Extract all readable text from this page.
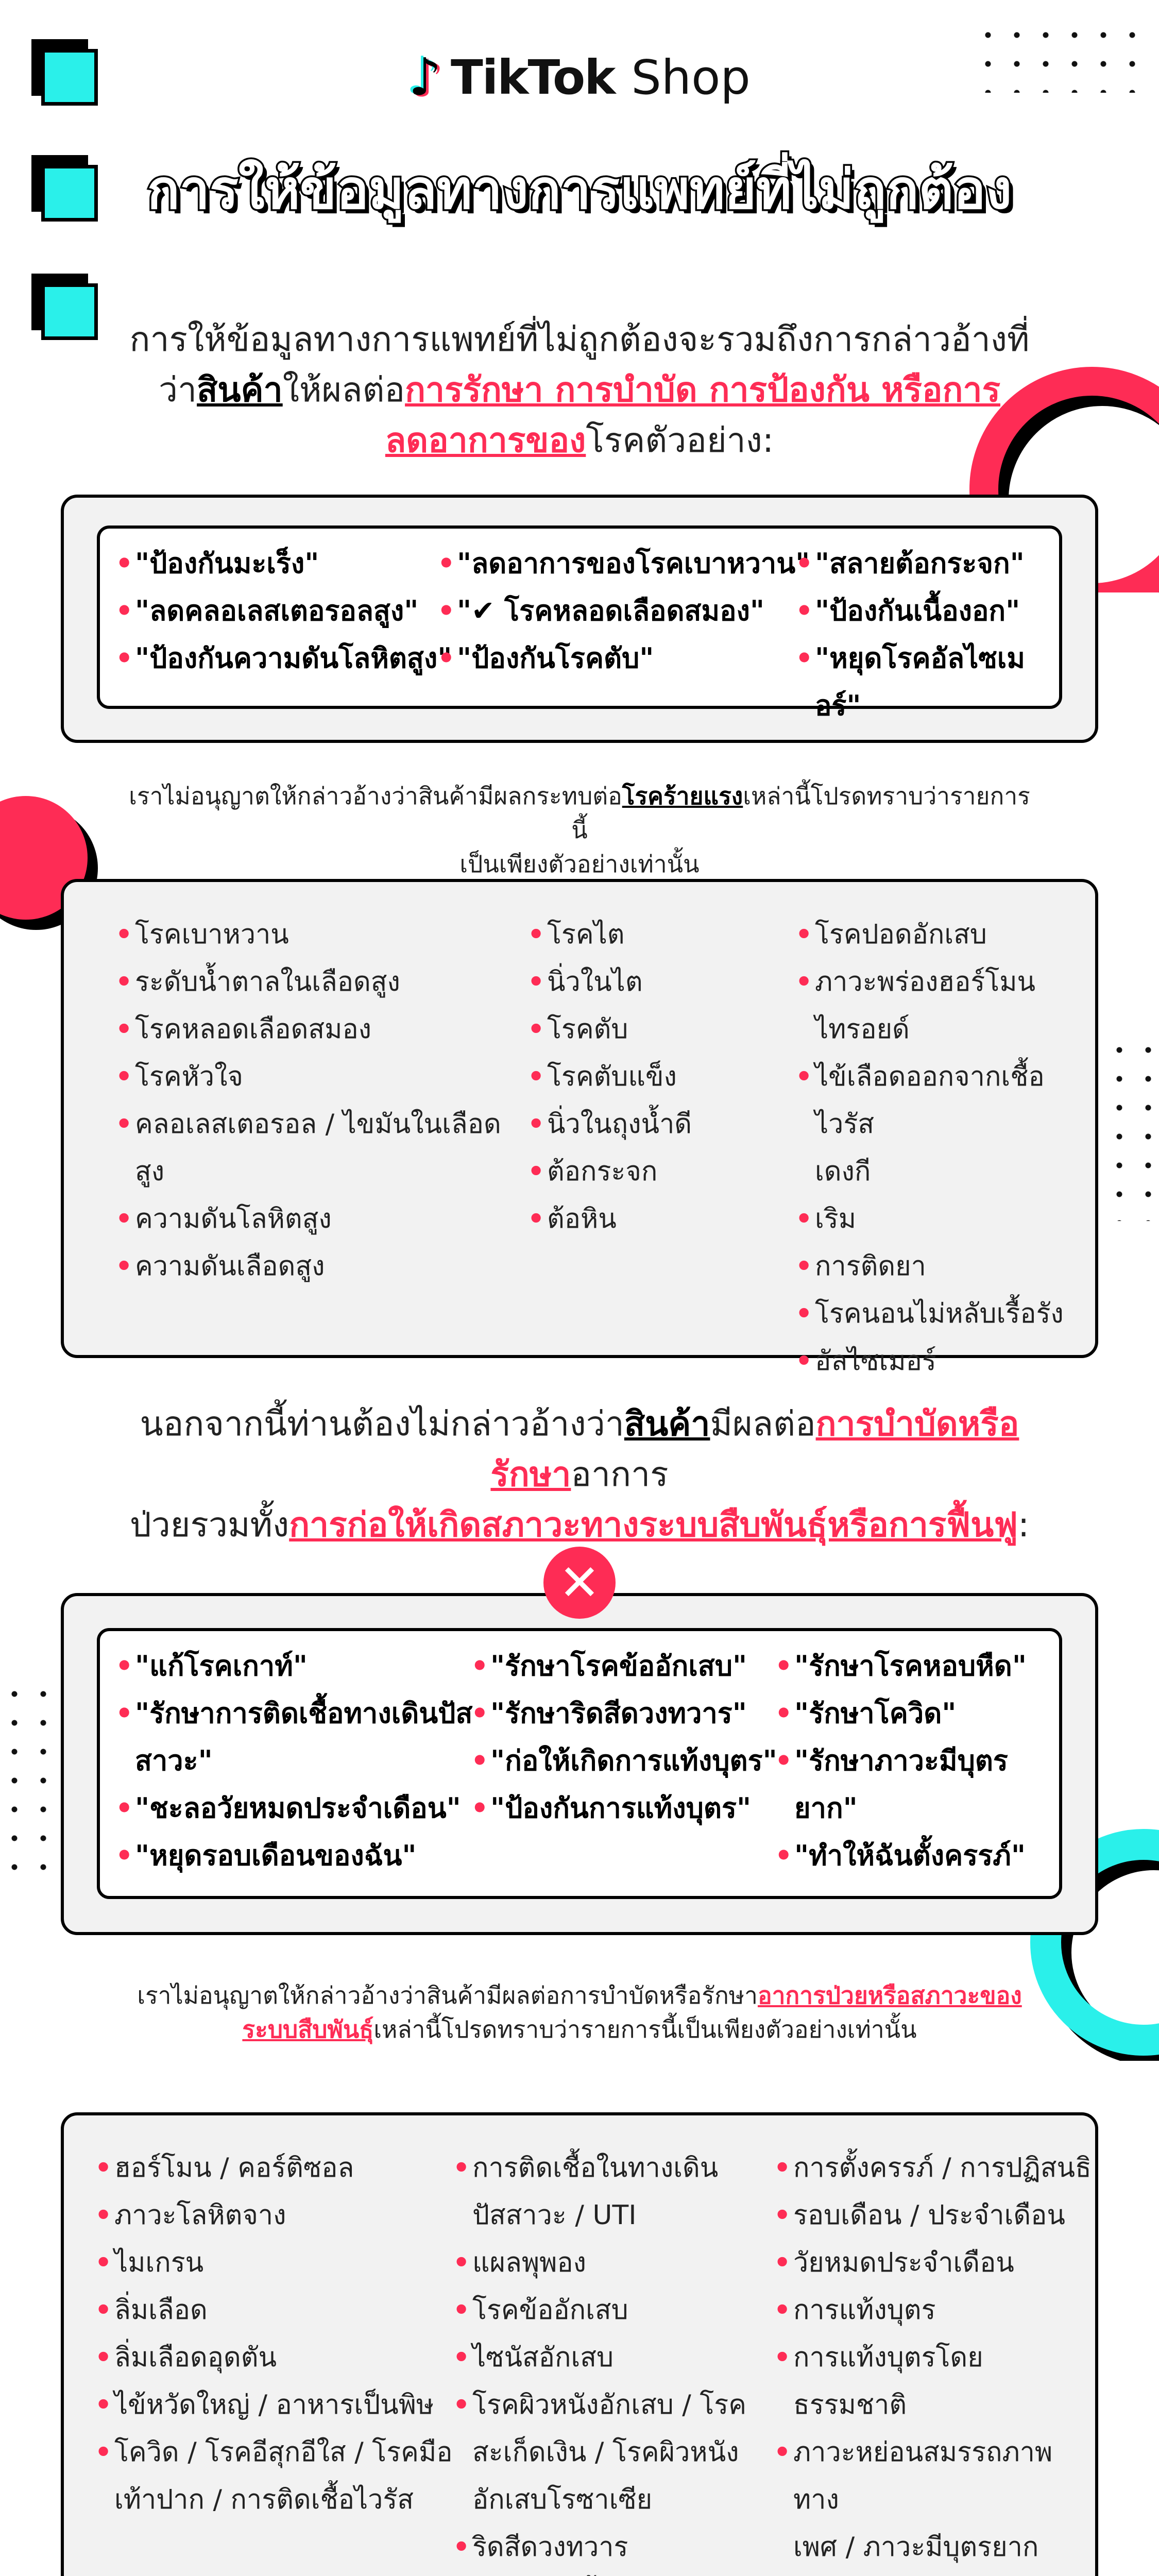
♪ TikTok Shop
การให้ข้อมูลทางการแพทย์ที่ไม่ถูกต้อง
การให้ข้อมูลทางการแพทย์ที่ไม่ถูกต้องจะรวมถึงการกล่าวอ้างที่
ว่าสินค้าให้ผลต่อการรักษา การบำบัด การป้องกัน หรือการ
ลดอาการของโรคตัวอย่าง:
• "ป้องกันมะเร็ง"
• "ลดคลอเลสเตอรอลสูง"
• "ป้องกันความดันโลหิตสูง"
• "ลดอาการของโรคเบาหวาน"
• "✔ โรคหลอดเลือดสมอง"
• "ป้องกันโรคตับ"
• "สลายต้อกระจก"
• "ป้องกันเนื้องอก"
• "หยุดโรคอัลไซเมอร์"
เราไม่อนุญาตให้กล่าวอ้างว่าสินค้ามีผลกระทบต่อโรคร้ายแรงเหล่านี้โปรดทราบว่ารายการนี้
เป็นเพียงตัวอย่างเท่านั้น
• โรคเบาหวาน
• ระดับน้ำตาลในเลือดสูง
• โรคหลอดเลือดสมอง
• โรคหัวใจ
• คลอเลสเตอรอล / ไขมันในเลือด
สูง
• ความดันโลหิตสูง
• ความดันเลือดสูง
• โรคไต
• นิ่วในไต
• โรคตับ
• โรคตับแข็ง
• นิ่วในถุงน้ำดี
• ต้อกระจก
• ต้อหิน
• โรคปอดอักเสบ
• ภาวะพร่องฮอร์โมน
ไทรอยด์
• ไข้เลือดออกจากเชื้อไวรัส
เดงกี
• เริม
• การติดยา
• โรคนอนไม่หลับเรื้อรัง
• อัลไซเมอร์
นอกจากนี้ท่านต้องไม่กล่าวอ้างว่าสินค้ามีผลต่อการบำบัดหรือรักษาอาการ
ป่วยรวมทั้งการก่อให้เกิดสภาวะทางระบบสืบพันธุ์หรือการฟื้นฟู:
✕
• "แก้โรคเกาท์"
• "รักษาการติดเชื้อทางเดินปัส
สาวะ"
• "ชะลอวัยหมดประจำเดือน"
• "หยุดรอบเดือนของฉัน"
• "รักษาโรคข้ออักเสบ"
• "รักษาริดสีดวงทวาร"
• "ก่อให้เกิดการแท้งบุตร"
• "ป้องกันการแท้งบุตร"
• "รักษาโรคหอบหืด"
• "รักษาโควิด"
• "รักษาภาวะมีบุตรยาก"
• "ทำให้ฉันตั้งครรภ์"
เราไม่อนุญาตให้กล่าวอ้างว่าสินค้ามีผลต่อการบำบัดหรือรักษาอาการป่วยหรือสภาวะของ
ระบบสืบพันธุ์เหล่านี้โปรดทราบว่ารายการนี้เป็นเพียงตัวอย่างเท่านั้น
• ฮอร์โมน / คอร์ติซอล
• ภาวะโลหิตจาง
• ไมเกรน
• ลิ่มเลือด
• ลิ่มเลือดอุดตัน
• ไข้หวัดใหญ่ / อาหารเป็นพิษ
• โควิด / โรคอีสุกอีใส / โรคมือ
เท้าปาก / การติดเชื้อไวรัส
• การติดเชื้อในทางเดิน
ปัสสาวะ / UTI
• แผลพุพอง
• โรคข้ออักเสบ
• ไซนัสอักเสบ
• โรคผิวหนังอักเสบ / โรค
สะเก็ดเงิน / โรคผิวหนัง
อักเสบโรซาเซีย
• ริดสีดวงทวาร
•
• การตั้งครรภ์ / การปฏิสนธิ
• รอบเดือน / ประจำเดือน
• วัยหมดประจำเดือน
• การแท้งบุตร
• การแท้งบุตรโดยธรรมชาติ
• ภาวะหย่อนสมรรถภาพทาง
เพศ / ภาวะมีบุตรยาก
